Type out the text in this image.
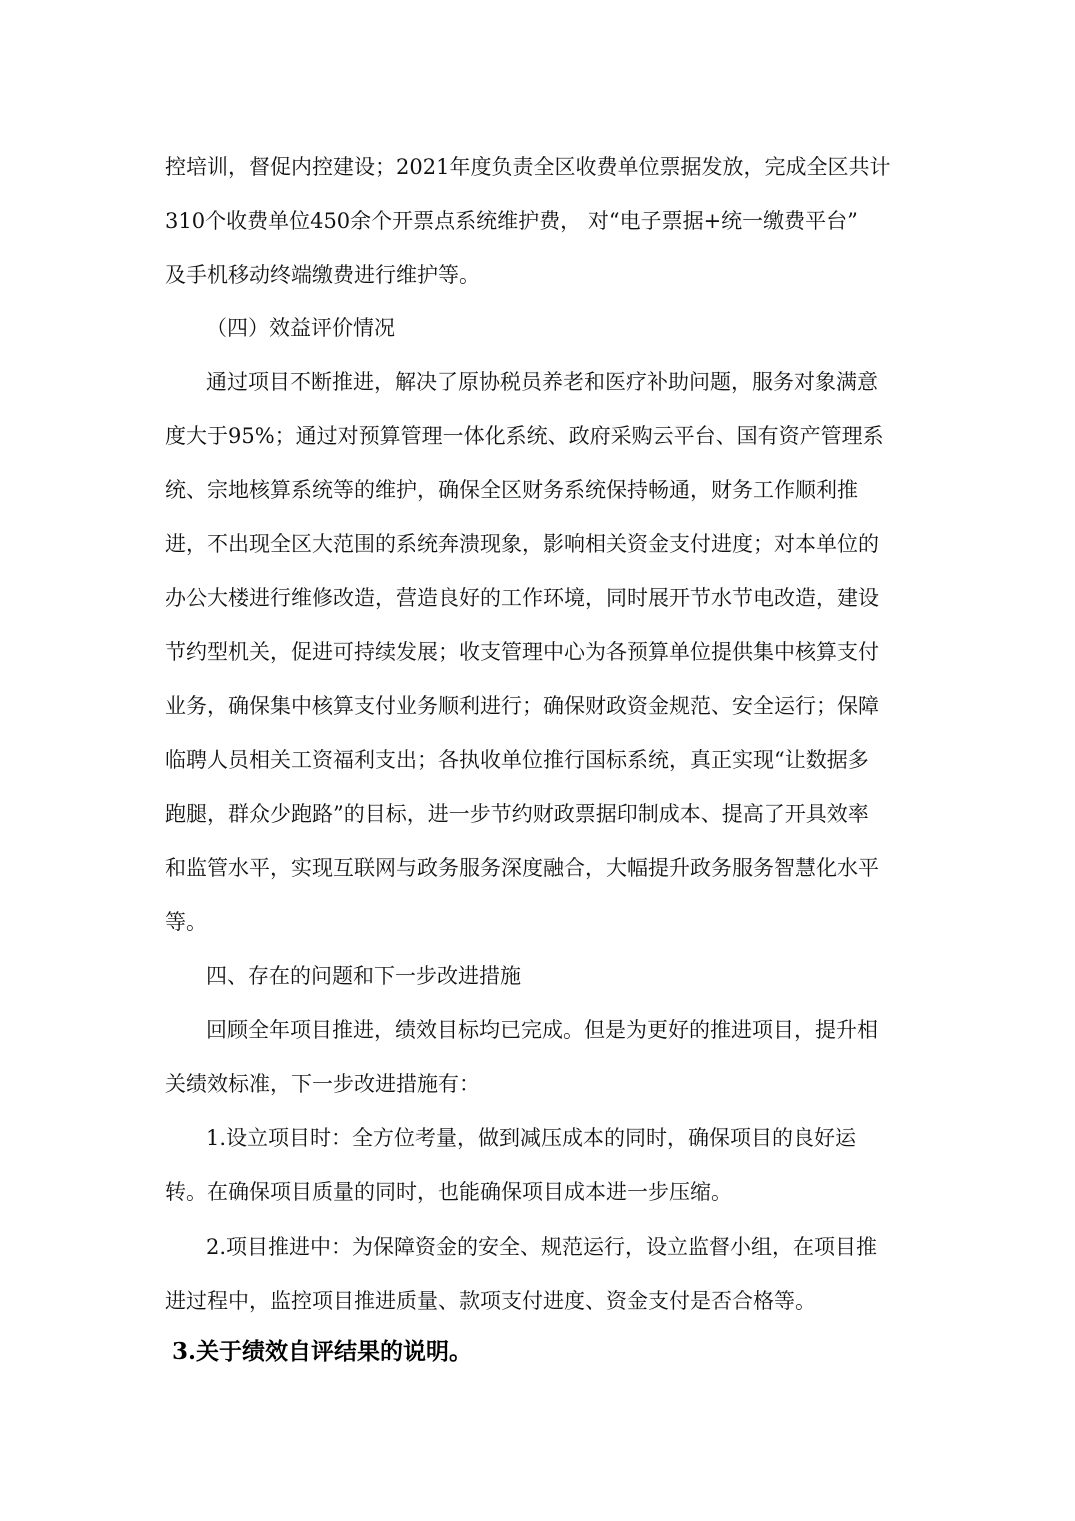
控培训，督促内控建设；2021年度负责全区收费单位票据发放，完成全区共计
310个收费单位450余个开票点系统维护费， 对“电子票据+统一缴费平台”
及手机移动终端缴费进行维护等。
（四）效益评价情况
通过项目不断推进，解决了原协税员养老和医疗补助问题，服务对象满意
度大于95%；通过对预算管理一体化系统、政府采购云平台、国有资产管理系
统、宗地核算系统等的维护，确保全区财务系统保持畅通，财务工作顺利推
进，不出现全区大范围的系统奔溃现象，影响相关资金支付进度；对本单位的
办公大楼进行维修改造，营造良好的工作环境，同时展开节水节电改造，建设
节约型机关，促进可持续发展；收支管理中心为各预算单位提供集中核算支付
业务，确保集中核算支付业务顺利进行；确保财政资金规范、安全运行；保障
临聘人员相关工资福利支出；各执收单位推行国标系统，真正实现“让数据多
跑腿，群众少跑路”的目标，进一步节约财政票据印制成本、提高了开具效率
和监管水平，实现互联网与政务服务深度融合，大幅提升政务服务智慧化水平
等。
四、存在的问题和下一步改进措施
回顾全年项目推进，绩效目标均已完成。但是为更好的推进项目，提升相
关绩效标准，下一步改进措施有：
1.设立项目时：全方位考量，做到减压成本的同时，确保项目的良好运
转。在确保项目质量的同时，也能确保项目成本进一步压缩。
2.项目推进中：为保障资金的安全、规范运行，设立监督小组，在项目推
进过程中，监控项目推进质量、款项支付进度、资金支付是否合格等。
3.关于绩效自评结果的说明。
